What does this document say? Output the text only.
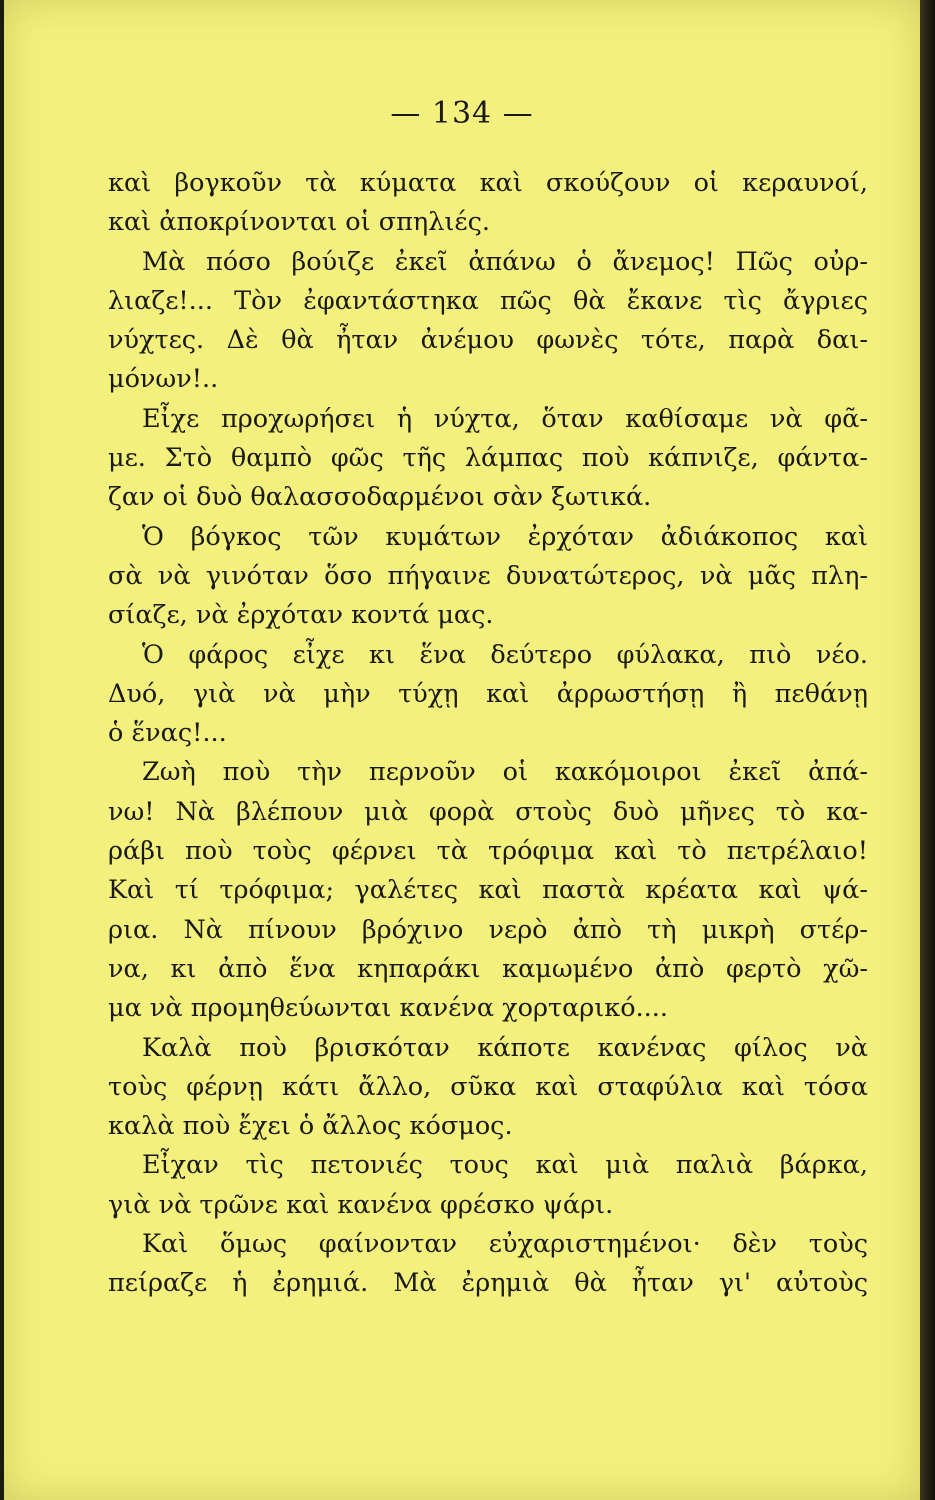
— 134 —
καὶ βογκοῦν τὰ κύματα καὶ σκούζουν οἱ κεραυνοί,
καὶ ἀποκρίνονται οἱ σπηλιές.
Μὰ πόσο βούιζε ἐκεῖ ἀπάνω ὁ ἄνεμος! Πῶς οὐρ-
λιαζε!... Τὸν ἐφαντάστηκα πῶς θὰ ἔκανε τὶς ἄγριες
νύχτες. Δὲ θὰ ἦταν ἀνέμου φωνὲς τότε, παρὰ δαι-
μόνων!..
Εἶχε προχωρήσει ἡ νύχτα, ὅταν καθίσαμε νὰ φᾶ-
με. Στὸ θαμπὸ φῶς τῆς λάμπας ποὺ κάπνιζε, φάντα-
ζαν οἱ δυὸ θαλασσοδαρμένοι σὰν ξωτικά.
Ὁ βόγκος τῶν κυμάτων ἐρχόταν ἀδιάκοπος καὶ
σὰ νὰ γινόταν ὅσο πήγαινε δυνατώτερος, νὰ μᾶς πλη-
σίαζε, νὰ ἐρχόταν κοντά μας.
Ὁ φάρος εἶχε κι ἕνα δεύτερο φύλακα, πιὸ νέο.
Δυό, γιὰ νὰ μὴν τύχῃ καὶ ἀρρωστήσῃ ἢ πεθάνῃ
ὁ ἕνας!...
Ζωὴ ποὺ τὴν περνοῦν οἱ κακόμοιροι ἐκεῖ ἀπά-
νω! Νὰ βλέπουν μιὰ φορὰ στοὺς δυὸ μῆνες τὸ κα-
ράβι ποὺ τοὺς φέρνει τὰ τρόφιμα καὶ τὸ πετρέλαιο!
Καὶ τί τρόφιμα; γαλέτες καὶ παστὰ κρέατα καὶ ψά-
ρια. Νὰ πίνουν βρόχινο νερὸ ἀπὸ τὴ μικρὴ στέρ-
να, κι ἀπὸ ἕνα κηπαράκι καμωμένο ἀπὸ φερτὸ χῶ-
μα νὰ προμηθεύωνται κανένα χορταρικό....
Καλὰ ποὺ βρισκόταν κάποτε κανένας φίλος νὰ
τοὺς φέρνῃ κάτι ἄλλο, σῦκα καὶ σταφύλια καὶ τόσα
καλὰ ποὺ ἔχει ὁ ἄλλος κόσμος.
Εἶχαν τὶς πετονιές τους καὶ μιὰ παλιὰ βάρκα,
γιὰ νὰ τρῶνε καὶ κανένα φρέσκο ψάρι.
Καὶ ὅμως φαίνονταν εὐχαριστημένοι· δὲν τοὺς
πείραζε ἡ ἐρημιά. Μὰ ἐρημιὰ θὰ ἦταν γι' αὐτοὺς
